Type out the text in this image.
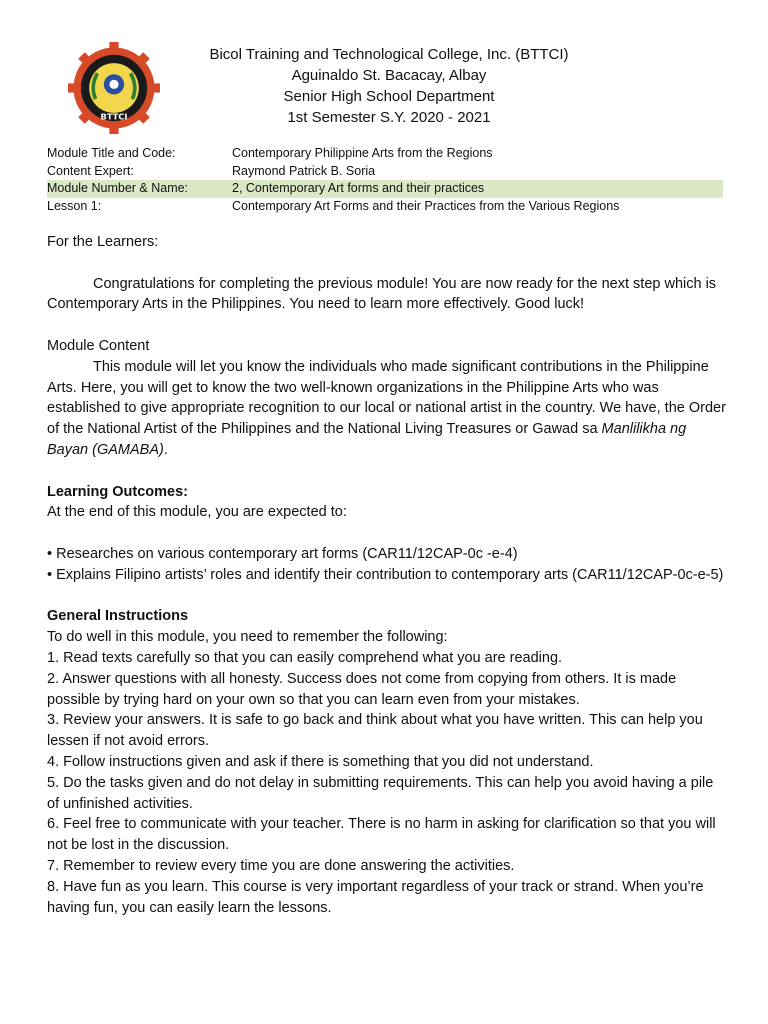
BTTCI
Bicol Training and Technological College, Inc. (BTTCI)
Aguinaldo St. Bacacay, Albay
Senior High School Department
1st Semester S.Y. 2020 - 2021
Module Title and Code:	Contemporary Philippine Arts from the Regions
Content Expert:	Raymond Patrick B. Soria
Module Number & Name:	2, Contemporary Art forms and their practices
Lesson 1:	Contemporary Art Forms and their Practices from the Various Regions

For the Learners:

Congratulations for completing the previous module! You are now ready for the next step which is Contemporary Arts in the Philippines. You need to learn more effectively. Good luck!

Module Content

This module will let you know the individuals who made significant contributions in the Philippine Arts. Here, you will get to know the two well-known organizations in the Philippine Arts who was established to give appropriate recognition to our local or national artist in the country. We have, the Order of the National Artist of the Philippines and the National Living Treasures or Gawad sa Manlilikha ng Bayan (GAMABA).

Learning Outcomes:

At the end of this module, you are expected to:

• Researches on various contemporary art forms (CAR11/12CAP-0c -e-4)

• Explains Filipino artists’ roles and identify their contribution to contemporary arts (CAR11/12CAP-0c-e-5)

General Instructions

To do well in this module, you need to remember the following:

1. Read texts carefully so that you can easily comprehend what you are reading.

2. Answer questions with all honesty. Success does not come from copying from others. It is made possible by trying hard on your own so that you can learn even from your mistakes.

3. Review your answers. It is safe to go back and think about what you have written. This can help you lessen if not avoid errors.

4. Follow instructions given and ask if there is something that you did not understand.

5. Do the tasks given and do not delay in submitting requirements. This can help you avoid having a pile of unfinished activities.

6. Feel free to communicate with your teacher. There is no harm in asking for clarification so that you will not be lost in the discussion.

7. Remember to review every time you are done answering the activities.

8. Have fun as you learn. This course is very important regardless of your track or strand. When you’re having fun, you can easily learn the lessons.
